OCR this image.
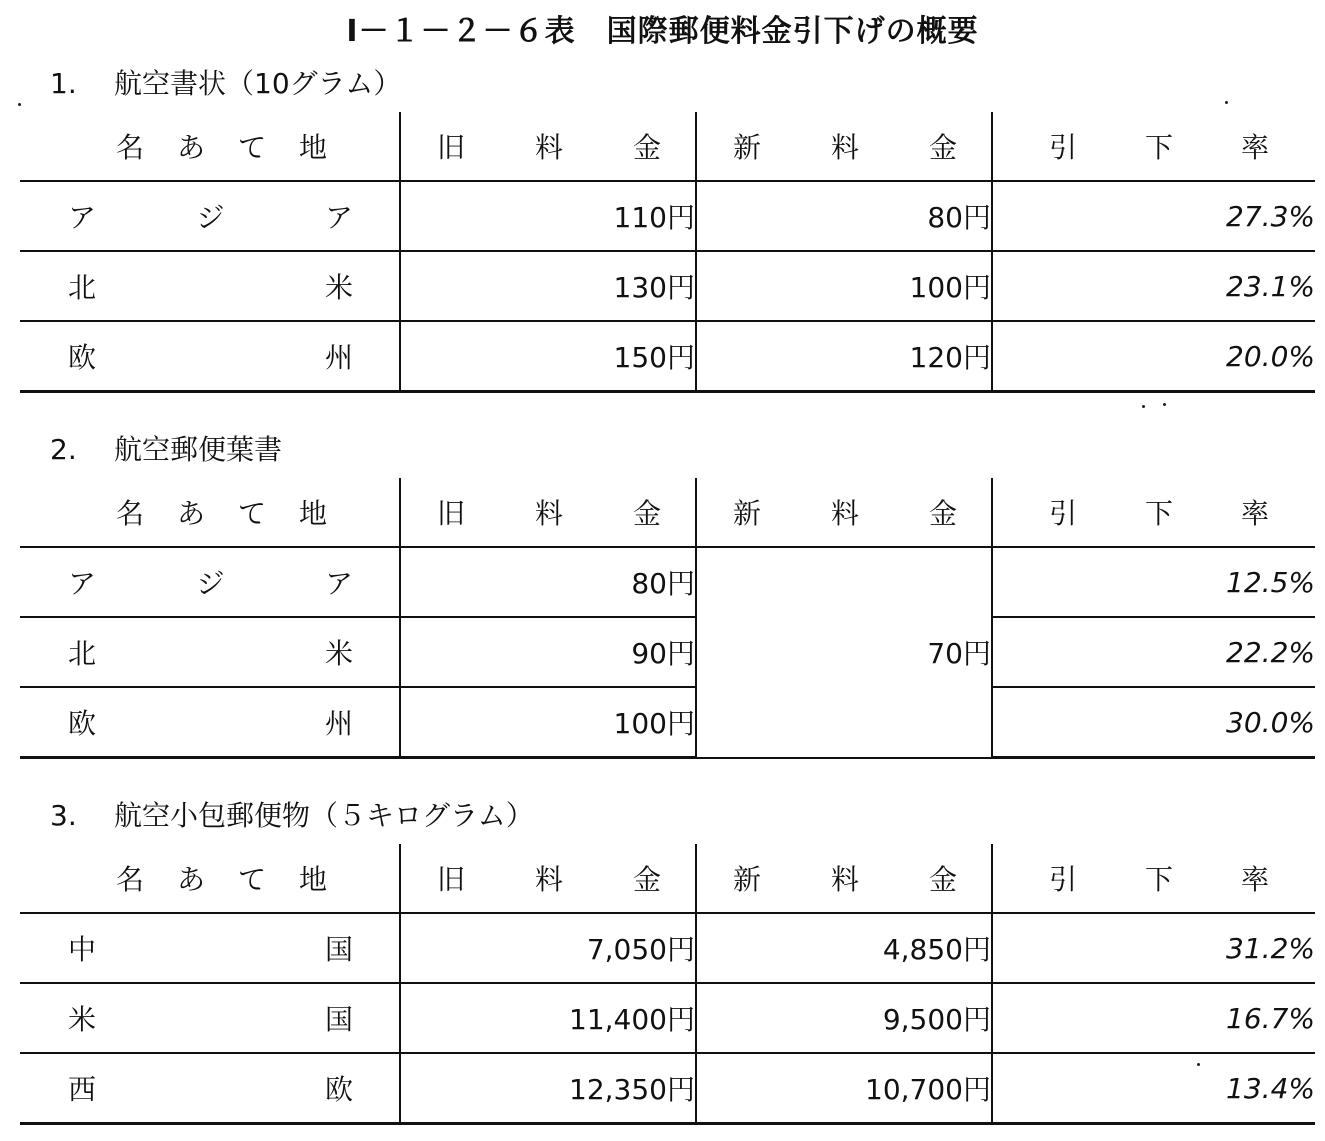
Ⅰ－１－２－６表　国際郵便料金引下げの概要
1. 航空書状（10グラム）
名 あ て 地	旧 料 金	新 料 金	引 下 率

ア ジ ア	110円	80円	27.3%

北 米	130円	100円	23.1%

欧 州	150円	120円	20.0%
2. 航空郵便葉書
名 あ て 地	旧 料 金	新 料 金	引 下 率

ア ジ ア	80円	70円	12.5%

北 米	90円		22.2%

欧 州	100円		30.0%
3. 航空小包郵便物（５キログラム）
名 あ て 地	旧 料 金	新 料 金	引 下 率

中 国	7,050円	4,850円	31.2%

米 国	11,400円	9,500円	16.7%

西 欧	12,350円	10,700円	13.4%
